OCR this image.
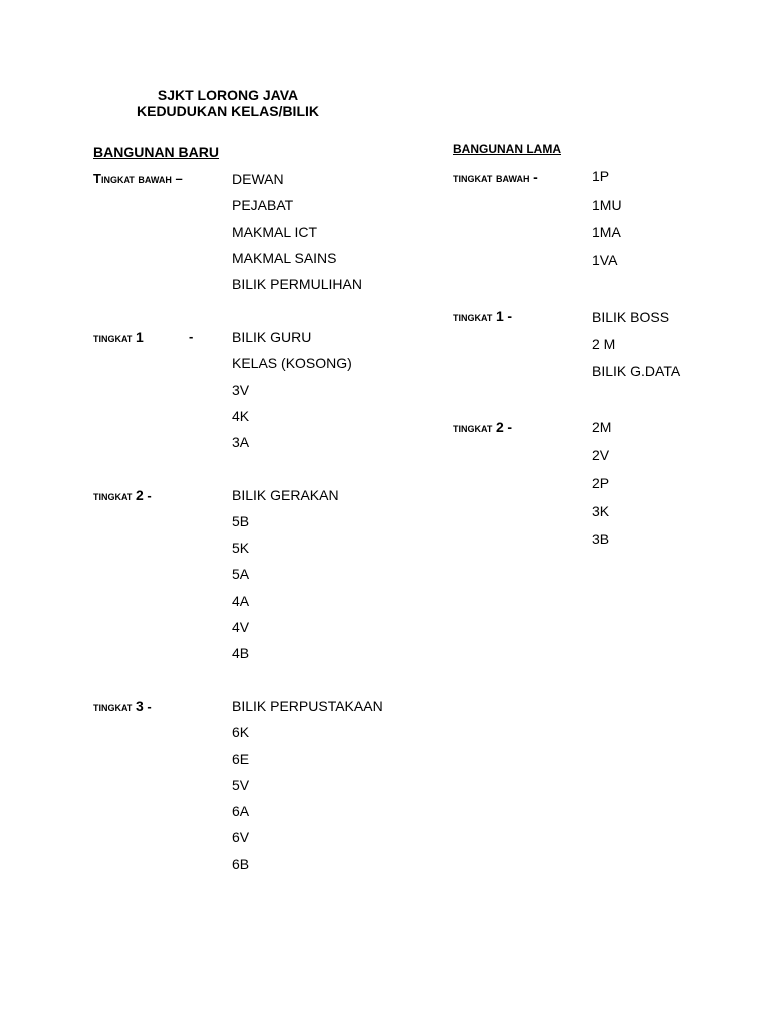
SJKT LORONG JAVA
KEDUDUKAN KELAS/BILIK
BANGUNAN BARU
Tingkat bawah –	DEWAN
PEJABAT
MAKMAL ICT
MAKMAL SAINS
BILIK PERMULIHAN
tingkat 1	-	BILIK GURU
KELAS (KOSONG)
3V
4K
3A
tingkat 2 -	BILIK GERAKAN
5B
5K
5A
4A
4V
4B
tingkat 3 -	BILIK PERPUSTAKAAN
6K
6E
5V
6A
6V
6B
BANGUNAN LAMA
tingkat bawah -	1P
1MU
1MA
1VA
tingkat 1 -	BILIK BOSS
2 M
BILIK G.DATA
tingkat 2 -	2M
2V
2P
3K
3B
